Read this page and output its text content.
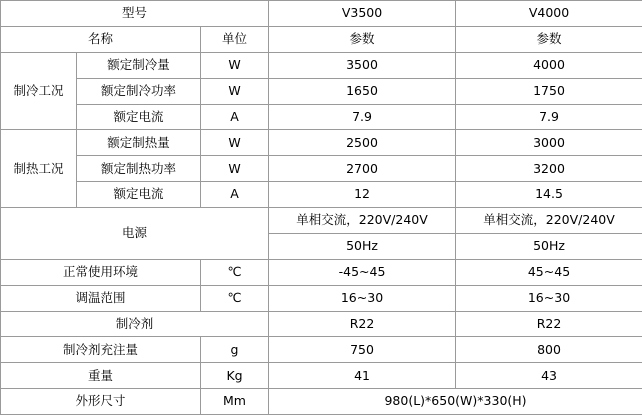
型号			V3500	V4000
名称		单位	参数	参数
制冷工况	额定制冷量	W	3500	4000
	额定制冷功率	W	1650	1750
	额定电流	A	7.9	7.9
制热工况	额定制热量	W	2500	3000
	额定制热功率	W	2700	3200
	额定电流	A	12	14.5
电源			单相交流，220V/240V	单相交流，220V/240V
			50Hz	50Hz
正常使用环境		℃	-45~45	45~45
调温范围		℃	16~30	16~30
制冷剂			R22	R22
制冷剂充注量		g	750	800
重量		Kg	41	43
外形尺寸		Mm	980(L)*650(W)*330(H)	
